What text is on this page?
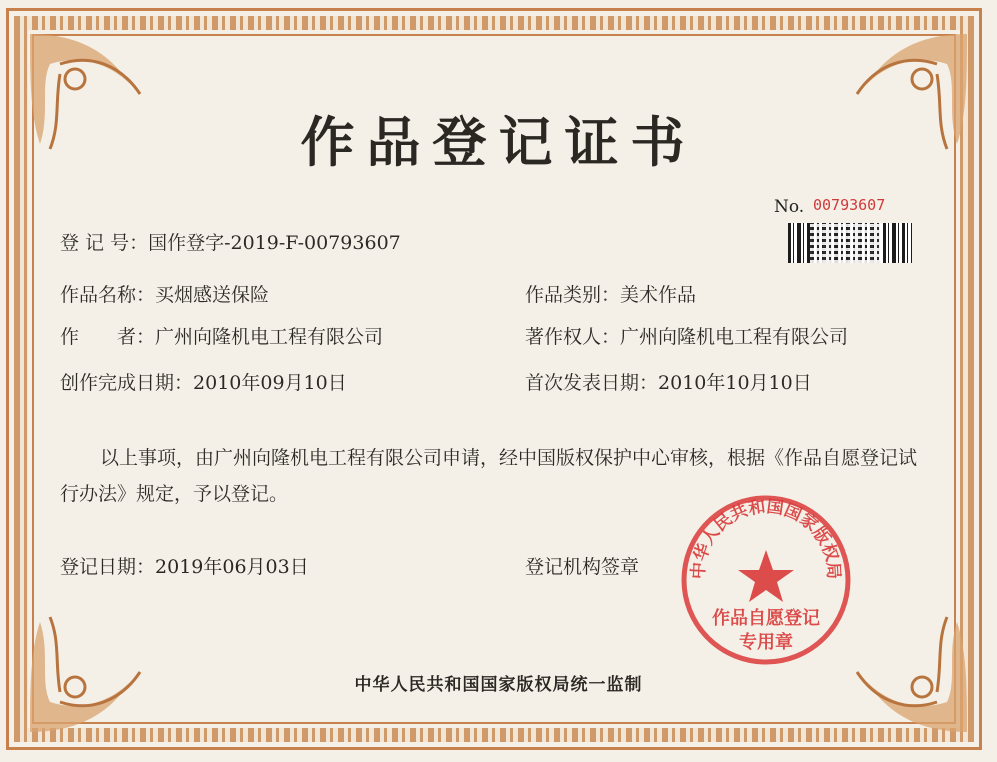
作品登记证书
No. 00793607
登 记 号：国作登字-2019-F-00793607
作品名称：买烟感送保险	作品类别：美术作品
作 者：广州向隆机电工程有限公司	著作权人：广州向隆机电工程有限公司
创作完成日期：2010年09月10日	首次发表日期：2010年10月10日
以上事项，由广州向隆机电工程有限公司申请，经中国版权保护中心审核，根据《作品自愿登记试行办法》规定，予以登记。
登记日期：2019年06月03日	登记机构签章	中华人民共和国国家版权局
作品自愿登记
专用章
中华人民共和国国家版权局统一监制
